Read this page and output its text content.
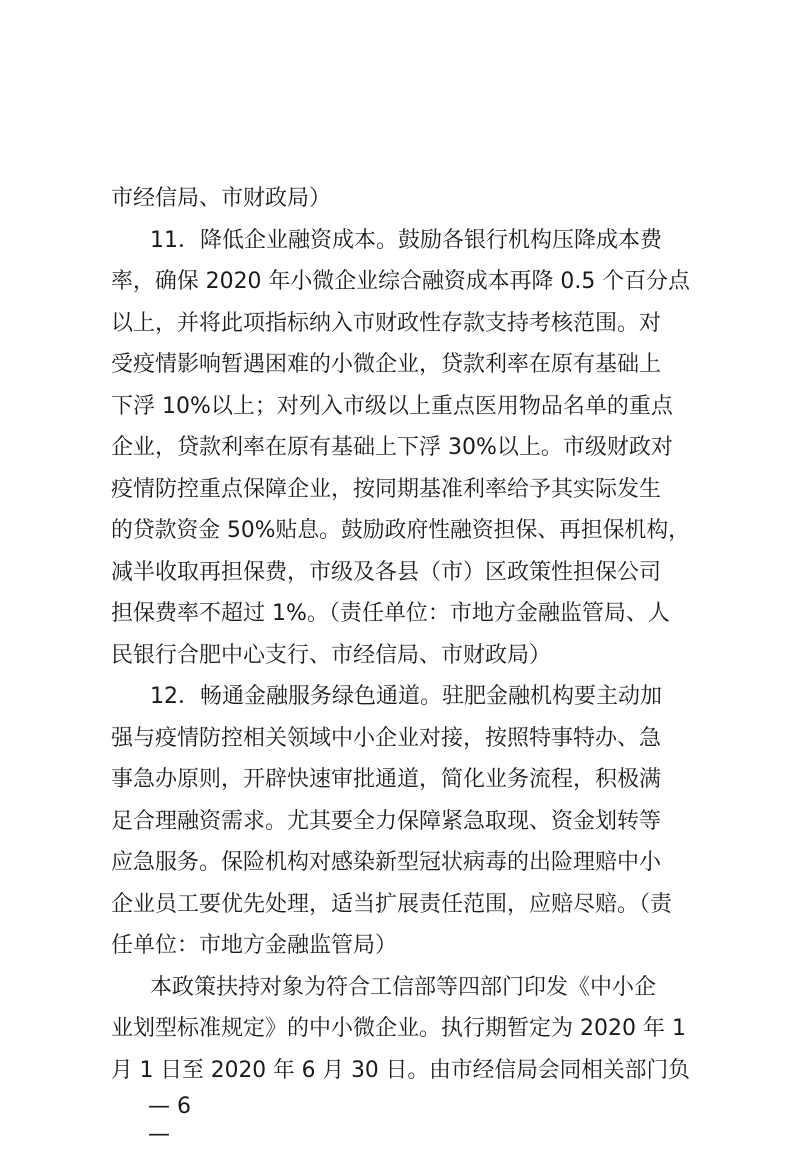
市经信局、市财政局）

11．降低企业融资成本。鼓励各银行机构压降成本费

率，确保 2020 年小微企业综合融资成本再降 0.5 个百分点

以上，并将此项指标纳入市财政性存款支持考核范围。对

受疫情影响暂遇困难的小微企业，贷款利率在原有基础上

下浮 10%以上；对列入市级以上重点医用物品名单的重点

企业，贷款利率在原有基础上下浮 30%以上。市级财政对

疫情防控重点保障企业，按同期基准利率给予其实际发生

的贷款资金 50%贴息。鼓励政府性融资担保、再担保机构，

减半收取再担保费，市级及各县（市）区政策性担保公司

担保费率不超过 1%。（责任单位：市地方金融监管局、人

民银行合肥中心支行、市经信局、市财政局）

12．畅通金融服务绿色通道。驻肥金融机构要主动加

强与疫情防控相关领域中小企业对接，按照特事特办、急

事急办原则，开辟快速审批通道，简化业务流程，积极满

足合理融资需求。尤其要全力保障紧急取现、资金划转等

应急服务。保险机构对感染新型冠状病毒的出险理赔中小

企业员工要优先处理，适当扩展责任范围，应赔尽赔。（责

任单位：市地方金融监管局）

本政策扶持对象为符合工信部等四部门印发《中小企

业划型标准规定》的中小微企业。执行期暂定为 2020 年 1

月 1 日至 2020 年 6 月 30 日。由市经信局会同相关部门负

— 6

—
